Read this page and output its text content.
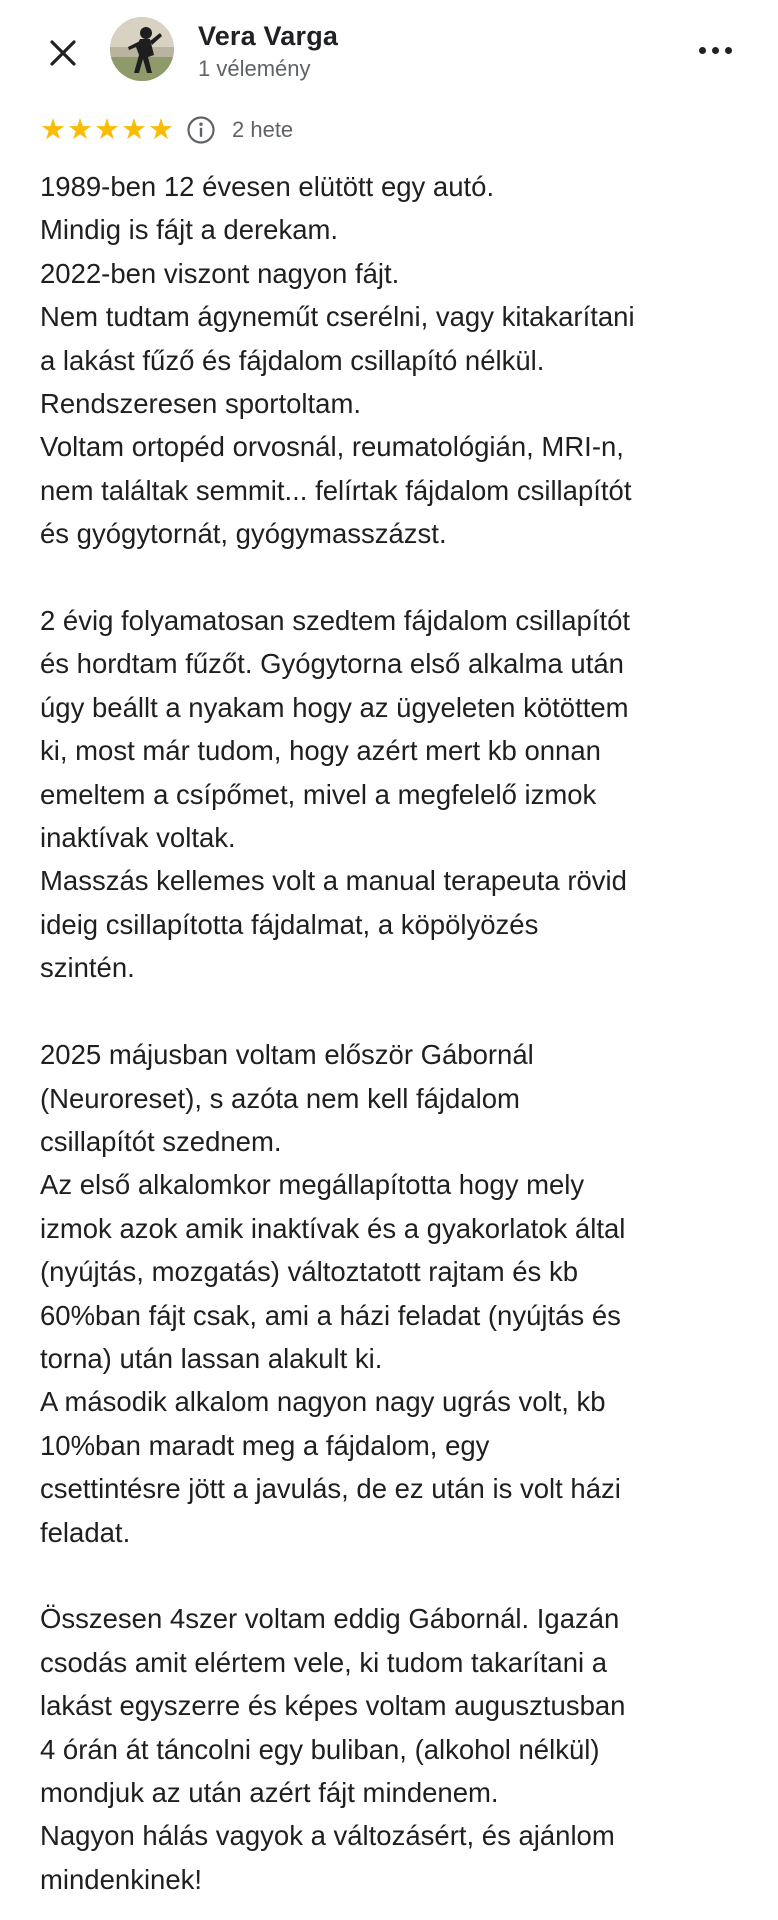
Vera Varga
1 vélemény
★ ★ ★ ★ ★	2 hete

1989-ben 12 évesen elütött egy autó.

Mindig is fájt a derekam.

2022-ben viszont nagyon fájt.

Nem tudtam ágyneműt cserélni, vagy kitakarítani

a lakást fűző és fájdalom csillapító nélkül.

Rendszeresen sportoltam.

Voltam ortopéd orvosnál, reumatológián, MRI-n,

nem találtak semmit... felírtak fájdalom csillapítót

és gyógytornát, gyógymasszázst.

2 évig folyamatosan szedtem fájdalom csillapítót

és hordtam fűzőt. Gyógytorna első alkalma után

úgy beállt a nyakam hogy az ügyeleten kötöttem

ki, most már tudom, hogy azért mert kb onnan

emeltem a csípőmet, mivel a megfelelő izmok

inaktívak voltak.

Masszás kellemes volt a manual terapeuta rövid

ideig csillapította fájdalmat, a köpölyözés

szintén.

2025 májusban voltam először Gábornál

(Neuroreset), s azóta nem kell fájdalom

csillapítót szednem.

Az első alkalomkor megállapította hogy mely

izmok azok amik inaktívak és a gyakorlatok által

(nyújtás, mozgatás) változtatott rajtam és kb

60%ban fájt csak, ami a házi feladat (nyújtás és

torna) után lassan alakult ki.

A második alkalom nagyon nagy ugrás volt, kb

10%ban maradt meg a fájdalom, egy

csettintésre jött a javulás, de ez után is volt házi

feladat.

Összesen 4szer voltam eddig Gábornál. Igazán

csodás amit elértem vele, ki tudom takarítani a

lakást egyszerre és képes voltam augusztusban

4 órán át táncolni egy buliban, (alkohol nélkül)

mondjuk az után azért fájt mindenem.

Nagyon hálás vagyok a változásért, és ajánlom

mindenkinek!
